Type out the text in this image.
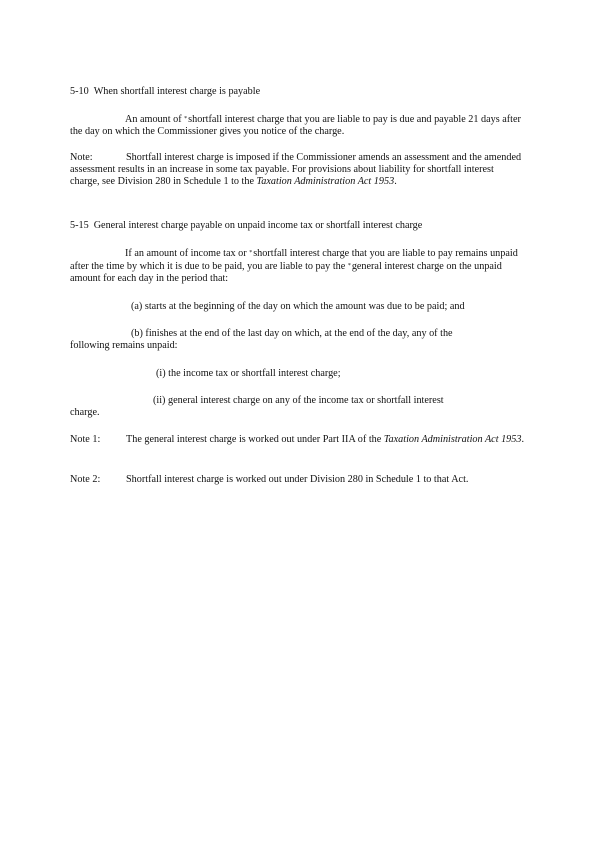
5-10 When shortfall interest charge is payable

An amount of *shortfall interest charge that you are liable to pay is due and payable 21 days after the day on which the Commissioner gives you notice of the charge.

Note:	Shortfall interest charge is imposed if the Commissioner amends an assessment and the amended assessment results in an increase in some tax payable. For provisions about liability for shortfall interest charge, see Division 280 in Schedule 1 to the Taxation Administration Act 1953.

5-15 General interest charge payable on unpaid income tax or shortfall interest charge

If an amount of income tax or *shortfall interest charge that you are liable to pay remains unpaid after the time by which it is due to be paid, you are liable to pay the *general interest charge on the unpaid amount for each day in the period that:

(a) starts at the beginning of the day on which the amount was due to be paid; and

(b) finishes at the end of the last day on which, at the end of the day, any of the

following remains unpaid:

(i) the income tax or shortfall interest charge;

(ii) general interest charge on any of the income tax or shortfall interest

charge.

Note 1:	The general interest charge is worked out under Part IIA of the Taxation Administration Act 1953.

Note 2:	Shortfall interest charge is worked out under Division 280 in Schedule 1 to that Act.
